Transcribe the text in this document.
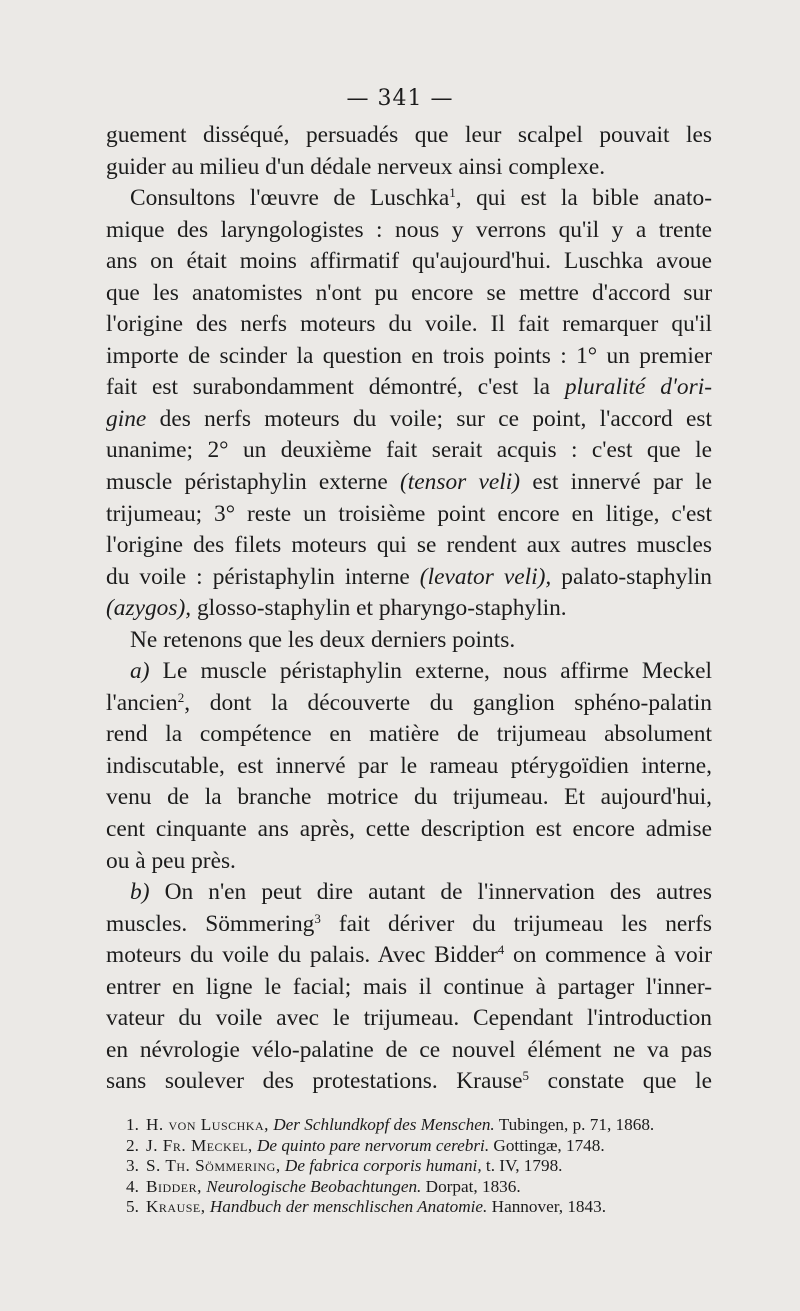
— 341 —
guement disséqué, persuadés que leur scalpel pouvait les
guider au milieu d'un dédale nerveux ainsi complexe.
Consultons l'œuvre de Luschka$^1$, qui est la bible anato-
mique des laryngologistes : nous y verrons qu'il y a trente
ans on était moins affirmatif qu'aujourd'hui. Luschka avoue
que les anatomistes n'ont pu encore se mettre d'accord sur
l'origine des nerfs moteurs du voile. Il fait remarquer qu'il
importe de scinder la question en trois points : 1° un premier
fait est surabondamment démontré, c'est la pluralité d'ori-
gine des nerfs moteurs du voile; sur ce point, l'accord est
unanime; 2° un deuxième fait serait acquis : c'est que le
muscle péristaphylin externe (tensor veli) est innervé par le
trijumeau; 3° reste un troisième point encore en litige, c'est
l'origine des filets moteurs qui se rendent aux autres muscles
du voile : péristaphylin interne (levator veli), palato-staphylin
(azygos), glosso-staphylin et pharyngo-staphylin.
Ne retenons que les deux derniers points.
a) Le muscle péristaphylin externe, nous affirme Meckel
l'ancien$^2$, dont la découverte du ganglion sphéno-palatin
rend la compétence en matière de trijumeau absolument
indiscutable, est innervé par le rameau ptérygoïdien interne,
venu de la branche motrice du trijumeau. Et aujourd'hui,
cent cinquante ans après, cette description est encore admise
ou à peu près.
b) On n'en peut dire autant de l'innervation des autres
muscles. Sömmering$^3$ fait dériver du trijumeau les nerfs
moteurs du voile du palais. Avec Bidder$^4$ on commence à voir
entrer en ligne le facial; mais il continue à partager l'inner-
vateur du voile avec le trijumeau. Cependant l'introduction
en névrologie vélo-palatine de ce nouvel élément ne va pas
sans soulever des protestations. Krause$^5$ constate que le
1. H. von Luschka, Der Schlundkopf des Menschen. Tubingen, p. 71, 1868.
2. J. Fr. Meckel, De quinto pare nervorum cerebri. Gottingæ, 1748.
3. S. Th. Sömmering, De fabrica corporis humani, t. IV, 1798.
4. Bidder, Neurologische Beobachtungen. Dorpat, 1836.
5. Krause, Handbuch der menschlischen Anatomie. Hannover, 1843.
